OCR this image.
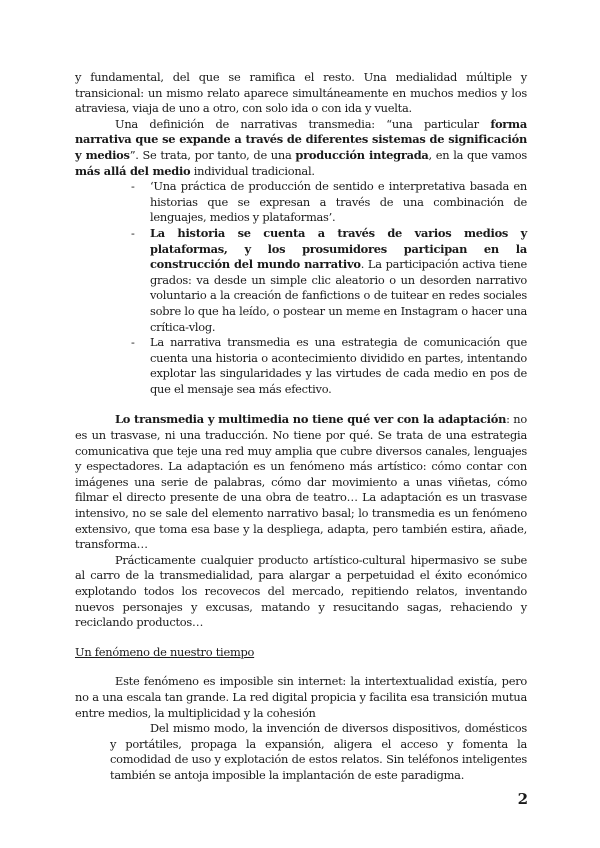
y fundamental, del que se ramifica el resto. Una medialidad múltiple y transicional: un mismo relato aparece simultáneamente en muchos medios y los atraviesa, viaja de uno a otro, con solo ida o con ida y vuelta.

Una definición de narrativas transmedia: “una particular forma narrativa que se expande a través de diferentes sistemas de significación y medios”. Se trata, por tanto, de una producción integrada, en la que vamos más allá del medio individual tradicional.

- ‘Una práctica de producción de sentido e interpretativa basada en historias que se expresan a través de una combinación de lenguajes, medios y plataformas’.
- La historia se cuenta a través de varios medios y plataformas, y los prosumidores participan en la construcción del mundo narrativo. La participación activa tiene grados: va desde un simple clic aleatorio o un desorden narrativo voluntario a la creación de fanfictions o de tuitear en redes sociales sobre lo que ha leído, o postear un meme en Instagram o hacer una crítica-vlog.
- La narrativa transmedia es una estrategia de comunicación que cuenta una historia o acontecimiento dividido en partes, intentando explotar las singularidades y las virtudes de cada medio en pos de que el mensaje sea más efectivo.

Lo transmedia y multimedia no tiene qué ver con la adaptación: no es un trasvase, ni una traducción. No tiene por qué. Se trata de una estrategia comunicativa que teje una red muy amplia que cubre diversos canales, lenguajes y espectadores. La adaptación es un fenómeno más artístico: cómo contar con imágenes una serie de palabras, cómo dar movimiento a unas viñetas, cómo filmar el directo presente de una obra de teatro… La adaptación es un trasvase intensivo, no se sale del elemento narrativo basal; lo transmedia es un fenómeno extensivo, que toma esa base y la despliega, adapta, pero también estira, añade, transforma…

Prácticamente cualquier producto artístico-cultural hipermasivo se sube al carro de la transmedialidad, para alargar a perpetuidad el éxito económico explotando todos los recovecos del mercado, repitiendo relatos, inventando nuevos personajes y excusas, matando y resucitando sagas, rehaciendo y reciclando productos…

Un fenómeno de nuestro tiempo

Este fenómeno es imposible sin internet: la intertextualidad existía, pero no a una escala tan grande. La red digital propicia y facilita esa transición mutua entre medios, la multiplicidad y la cohesión

Del mismo modo, la invención de diversos dispositivos, domésticos y portátiles, propaga la expansión, aligera el acceso y fomenta la comodidad de uso y explotación de estos relatos. Sin teléfonos inteligentes también se antoja imposible la implantación de este paradigma.

2
